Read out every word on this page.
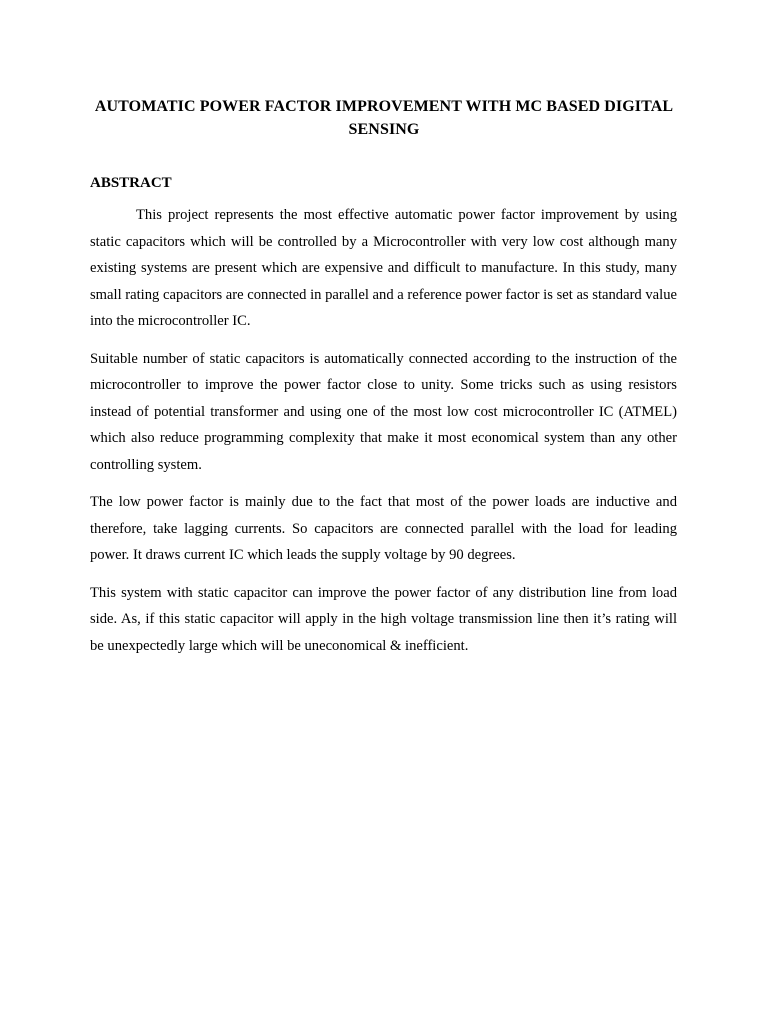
AUTOMATIC POWER FACTOR IMPROVEMENT WITH MC BASED DIGITAL SENSING
ABSTRACT

This project represents the most effective automatic power factor improvement by using static capacitors which will be controlled by a Microcontroller with very low cost although many existing systems are present which are expensive and difficult to manufacture. In this study, many small rating capacitors are connected in parallel and a reference power factor is set as standard value into the microcontroller IC.

Suitable number of static capacitors is automatically connected according to the instruction of the microcontroller to improve the power factor close to unity. Some tricks such as using resistors instead of potential transformer and using one of the most low cost microcontroller IC (ATMEL) which also reduce programming complexity that make it most economical system than any other controlling system.

The low power factor is mainly due to the fact that most of the power loads are inductive and therefore, take lagging currents. So capacitors are connected parallel with the load for leading power. It draws current IC which leads the supply voltage by 90 degrees.

This system with static capacitor can improve the power factor of any distribution line from load side. As, if this static capacitor will apply in the high voltage transmission line then it’s rating will be unexpectedly large which will be uneconomical & inefficient.
